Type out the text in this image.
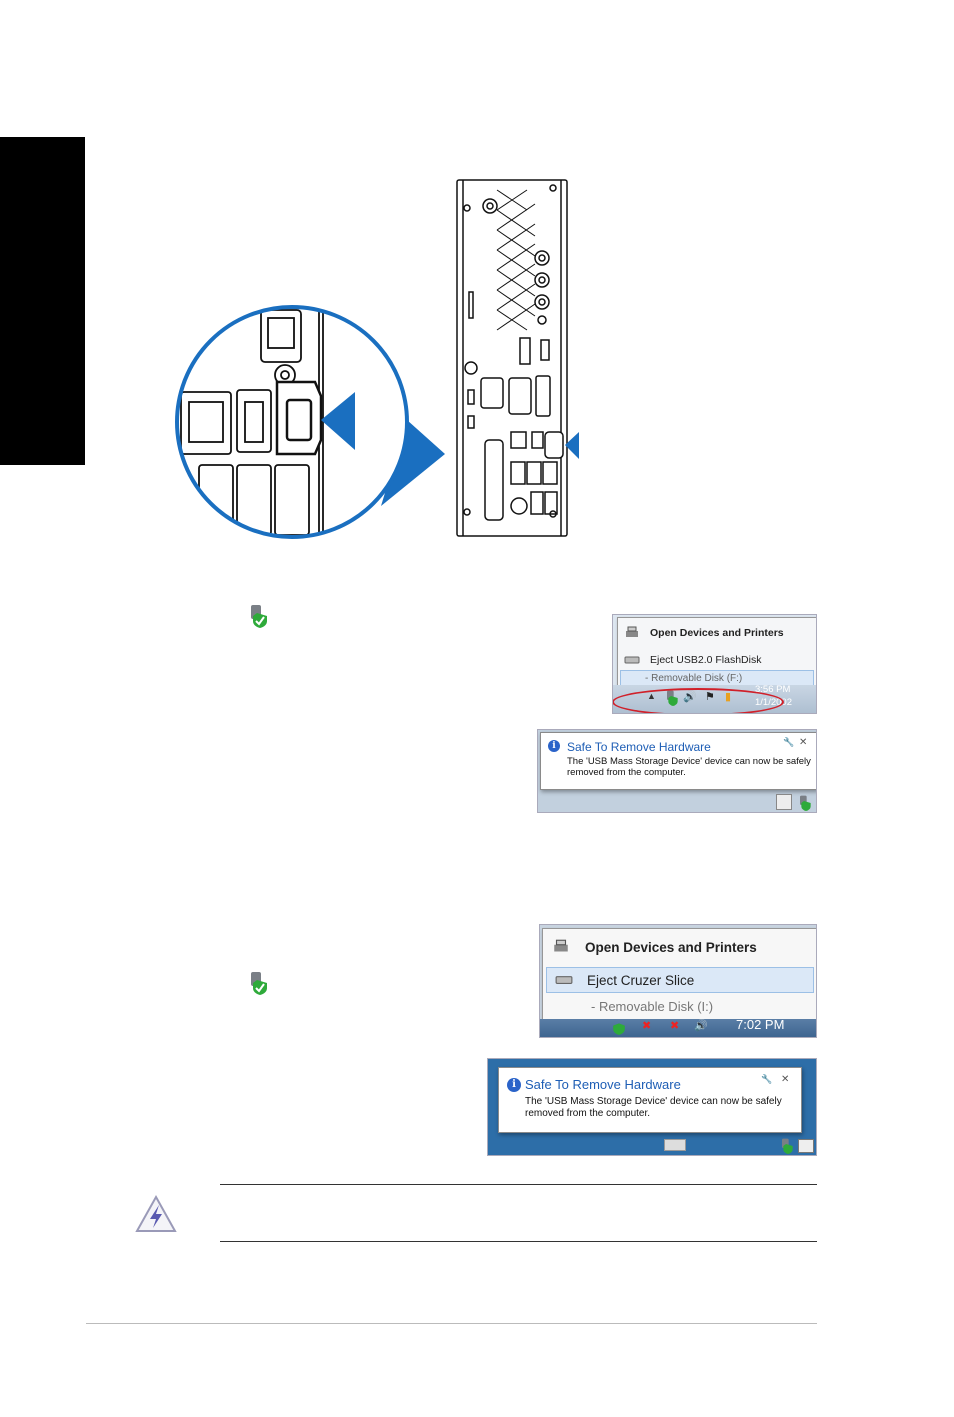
Open Devices and Printers
Eject USB2.0 FlashDisk
- Removable Disk (F:)
▲ 🔊 ⚑ ▮
3:56 PM
1/1/2002
i Safe To Remove Hardware	🔧 ✕
The 'USB Mass Storage Device' device can now be safely removed from the computer.
Open Devices and Printers
Eject Cruzer Slice
- Removable Disk (I:)
✖ ✖ 🔊 7:02 PM
i Safe To Remove Hardware	🔧 ✕
The 'USB Mass Storage Device' device can now be safely removed from the computer.
